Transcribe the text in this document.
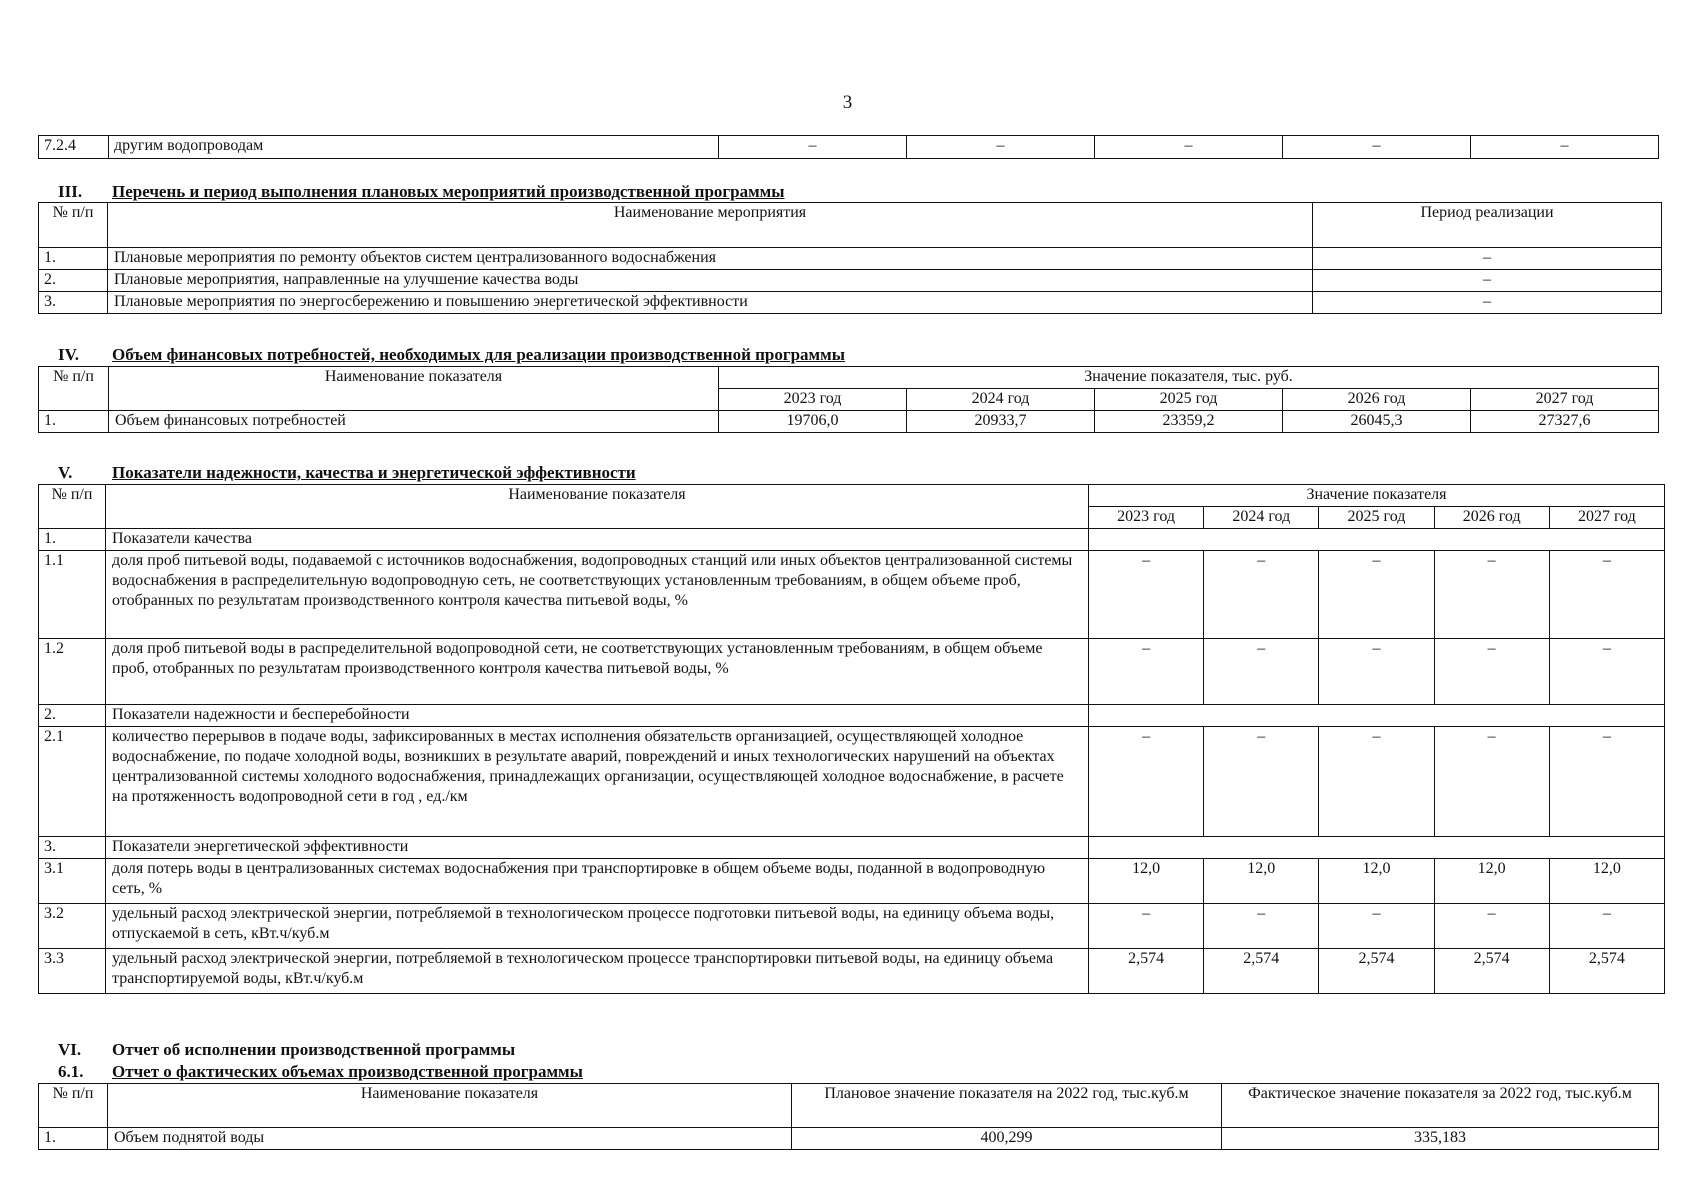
3
7.2.4	другим водопроводам	–	–	–	–	–
III. Перечень и период выполнения плановых мероприятий производственной программы
№ п/п	Наименование мероприятия	Период реализации
1.	Плановые мероприятия по ремонту объектов систем централизованного водоснабжения	–
2.	Плановые мероприятия, направленные на улучшение качества воды	–
3.	Плановые мероприятия по энергосбережению и повышению энергетической эффективности	–
IV. Объем финансовых потребностей, необходимых для реализации производственной программы
№ п/п	Наименование показателя	Значение показателя, тыс. руб.				
		2023 год	2024 год	2025 год	2026 год	2027 год
1.	Объем финансовых потребностей	19706,0	20933,7	23359,2	26045,3	27327,6
V. Показатели надежности, качества и энергетической эффективности
№ п/п	Наименование показателя	Значение показателя				
		2023 год	2024 год	2025 год	2026 год	2027 год
1.	Показатели качества					
1.1	доля проб питьевой воды, подаваемой с источников водоснабжения, водопроводных станций или иных объектов централизованной системы водоснабжения в распределительную водопроводную сеть, не соответствующих установленным требованиям, в общем объеме проб, отобранных по результатам производственного контроля качества питьевой воды, %	–	–	–	–	–
1.2	доля проб питьевой воды в распределительной водопроводной сети, не соответствующих установленным требованиям, в общем объеме проб, отобранных по результатам производственного контроля качества питьевой воды, %	–	–	–	–	–
2.	Показатели надежности и бесперебойности					
2.1	количество перерывов в подаче воды, зафиксированных в местах исполнения обязательств организацией, осуществляющей холодное водоснабжение, по подаче холодной воды, возникших в результате аварий, повреждений и иных технологических нарушений на объектах централизованной системы холодного водоснабжения, принадлежащих организации, осуществляющей холодное водоснабжение, в расчете на протяженность водопроводной сети в год , ед./км	–	–	–	–	–
3.	Показатели энергетической эффективности					
3.1	доля потерь воды в централизованных системах водоснабжения при транспортировке в общем объеме воды, поданной в водопроводную сеть, %	12,0	12,0	12,0	12,0	12,0
3.2	удельный расход электрической энергии, потребляемой в технологическом процессе подготовки питьевой воды, на единицу объема воды, отпускаемой в сеть, кВт.ч/куб.м	–	–	–	–	–
3.3	удельный расход электрической энергии, потребляемой в технологическом процессе транспортировки питьевой воды, на единицу объема транспортируемой воды, кВт.ч/куб.м	2,574	2,574	2,574	2,574	2,574
VI. Отчет об исполнении производственной программы
6.1. Отчет о фактических объемах производственной программы
№ п/п	Наименование показателя	Плановое значение показателя на 2022 год, тыс.куб.м	Фактическое значение показателя за 2022 год, тыс.куб.м
1.	Объем поднятой воды	400,299	335,183
